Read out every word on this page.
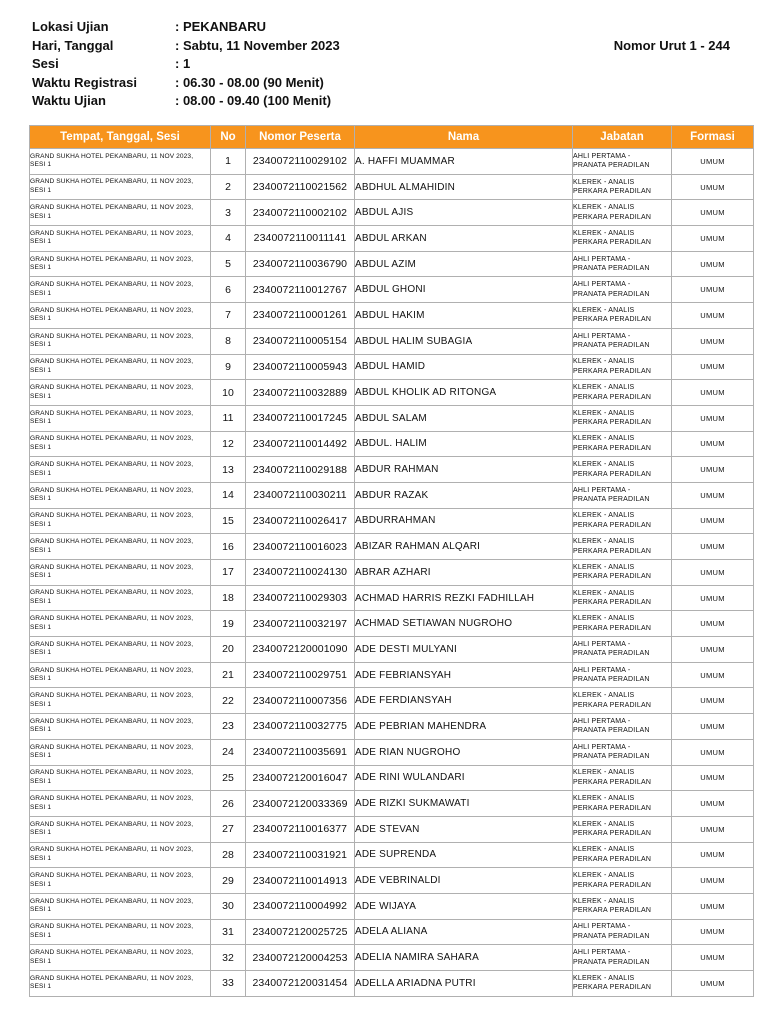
Lokasi Ujian	: PEKANBARU
Hari, Tanggal	: Sabtu, 11 November 2023	Nomor Urut 1 - 244
Sesi	: 1
Waktu Registrasi	: 06.30 - 08.00 (90 Menit)
Waktu Ujian	: 08.00 - 09.40 (100 Menit)
Tempat, Tanggal, Sesi	No	Nomor Peserta	Nama	Jabatan	Formasi
GRAND SUKHA HOTEL PEKANBARU, 11 NOV 2023, SESI 1	1	2340072110029102	A. HAFFI MUAMMAR	AHLI PERTAMA -
PRANATA PERADILAN	UMUM
GRAND SUKHA HOTEL PEKANBARU, 11 NOV 2023, SESI 1	2	2340072110021562	ABDHUL ALMAHIDIN	KLEREK - ANALIS
PERKARA PERADILAN	UMUM
GRAND SUKHA HOTEL PEKANBARU, 11 NOV 2023, SESI 1	3	2340072110002102	ABDUL AJIS	KLEREK - ANALIS
PERKARA PERADILAN	UMUM
GRAND SUKHA HOTEL PEKANBARU, 11 NOV 2023, SESI 1	4	2340072110011141	ABDUL ARKAN	KLEREK - ANALIS
PERKARA PERADILAN	UMUM
GRAND SUKHA HOTEL PEKANBARU, 11 NOV 2023, SESI 1	5	2340072110036790	ABDUL AZIM	AHLI PERTAMA -
PRANATA PERADILAN	UMUM
GRAND SUKHA HOTEL PEKANBARU, 11 NOV 2023, SESI 1	6	2340072110012767	ABDUL GHONI	AHLI PERTAMA -
PRANATA PERADILAN	UMUM
GRAND SUKHA HOTEL PEKANBARU, 11 NOV 2023, SESI 1	7	2340072110001261	ABDUL HAKIM	KLEREK - ANALIS
PERKARA PERADILAN	UMUM
GRAND SUKHA HOTEL PEKANBARU, 11 NOV 2023, SESI 1	8	2340072110005154	ABDUL HALIM SUBAGIA	AHLI PERTAMA -
PRANATA PERADILAN	UMUM
GRAND SUKHA HOTEL PEKANBARU, 11 NOV 2023, SESI 1	9	2340072110005943	ABDUL HAMID	KLEREK - ANALIS
PERKARA PERADILAN	UMUM
GRAND SUKHA HOTEL PEKANBARU, 11 NOV 2023, SESI 1	10	2340072110032889	ABDUL KHOLIK AD RITONGA	KLEREK - ANALIS
PERKARA PERADILAN	UMUM
GRAND SUKHA HOTEL PEKANBARU, 11 NOV 2023, SESI 1	11	2340072110017245	ABDUL SALAM	KLEREK - ANALIS
PERKARA PERADILAN	UMUM
GRAND SUKHA HOTEL PEKANBARU, 11 NOV 2023, SESI 1	12	2340072110014492	ABDUL. HALIM	KLEREK - ANALIS
PERKARA PERADILAN	UMUM
GRAND SUKHA HOTEL PEKANBARU, 11 NOV 2023, SESI 1	13	2340072110029188	ABDUR RAHMAN	KLEREK - ANALIS
PERKARA PERADILAN	UMUM
GRAND SUKHA HOTEL PEKANBARU, 11 NOV 2023, SESI 1	14	2340072110030211	ABDUR RAZAK	AHLI PERTAMA -
PRANATA PERADILAN	UMUM
GRAND SUKHA HOTEL PEKANBARU, 11 NOV 2023, SESI 1	15	2340072110026417	ABDURRAHMAN	KLEREK - ANALIS
PERKARA PERADILAN	UMUM
GRAND SUKHA HOTEL PEKANBARU, 11 NOV 2023, SESI 1	16	2340072110016023	ABIZAR RAHMAN ALQARI	KLEREK - ANALIS
PERKARA PERADILAN	UMUM
GRAND SUKHA HOTEL PEKANBARU, 11 NOV 2023, SESI 1	17	2340072110024130	ABRAR AZHARI	KLEREK - ANALIS
PERKARA PERADILAN	UMUM
GRAND SUKHA HOTEL PEKANBARU, 11 NOV 2023, SESI 1	18	2340072110029303	ACHMAD HARRIS REZKI FADHILLAH	KLEREK - ANALIS
PERKARA PERADILAN	UMUM
GRAND SUKHA HOTEL PEKANBARU, 11 NOV 2023, SESI 1	19	2340072110032197	ACHMAD SETIAWAN NUGROHO	KLEREK - ANALIS
PERKARA PERADILAN	UMUM
GRAND SUKHA HOTEL PEKANBARU, 11 NOV 2023, SESI 1	20	2340072120001090	ADE DESTI MULYANI	AHLI PERTAMA -
PRANATA PERADILAN	UMUM
GRAND SUKHA HOTEL PEKANBARU, 11 NOV 2023, SESI 1	21	2340072110029751	ADE FEBRIANSYAH	AHLI PERTAMA -
PRANATA PERADILAN	UMUM
GRAND SUKHA HOTEL PEKANBARU, 11 NOV 2023, SESI 1	22	2340072110007356	ADE FERDIANSYAH	KLEREK - ANALIS
PERKARA PERADILAN	UMUM
GRAND SUKHA HOTEL PEKANBARU, 11 NOV 2023, SESI 1	23	2340072110032775	ADE PEBRIAN MAHENDRA	AHLI PERTAMA -
PRANATA PERADILAN	UMUM
GRAND SUKHA HOTEL PEKANBARU, 11 NOV 2023, SESI 1	24	2340072110035691	ADE RIAN NUGROHO	AHLI PERTAMA -
PRANATA PERADILAN	UMUM
GRAND SUKHA HOTEL PEKANBARU, 11 NOV 2023, SESI 1	25	2340072120016047	ADE RINI WULANDARI	KLEREK - ANALIS
PERKARA PERADILAN	UMUM
GRAND SUKHA HOTEL PEKANBARU, 11 NOV 2023, SESI 1	26	2340072120033369	ADE RIZKI SUKMAWATI	KLEREK - ANALIS
PERKARA PERADILAN	UMUM
GRAND SUKHA HOTEL PEKANBARU, 11 NOV 2023, SESI 1	27	2340072110016377	ADE STEVAN	KLEREK - ANALIS
PERKARA PERADILAN	UMUM
GRAND SUKHA HOTEL PEKANBARU, 11 NOV 2023, SESI 1	28	2340072110031921	ADE SUPRENDA	KLEREK - ANALIS
PERKARA PERADILAN	UMUM
GRAND SUKHA HOTEL PEKANBARU, 11 NOV 2023, SESI 1	29	2340072110014913	ADE VEBRINALDI	KLEREK - ANALIS
PERKARA PERADILAN	UMUM
GRAND SUKHA HOTEL PEKANBARU, 11 NOV 2023, SESI 1	30	2340072110004992	ADE WIJAYA	KLEREK - ANALIS
PERKARA PERADILAN	UMUM
GRAND SUKHA HOTEL PEKANBARU, 11 NOV 2023, SESI 1	31	2340072120025725	ADELA ALIANA	AHLI PERTAMA -
PRANATA PERADILAN	UMUM
GRAND SUKHA HOTEL PEKANBARU, 11 NOV 2023, SESI 1	32	2340072120004253	ADELIA NAMIRA SAHARA	AHLI PERTAMA -
PRANATA PERADILAN	UMUM
GRAND SUKHA HOTEL PEKANBARU, 11 NOV 2023, SESI 1	33	2340072120031454	ADELLA ARIADNA PUTRI	KLEREK - ANALIS
PERKARA PERADILAN	UMUM
